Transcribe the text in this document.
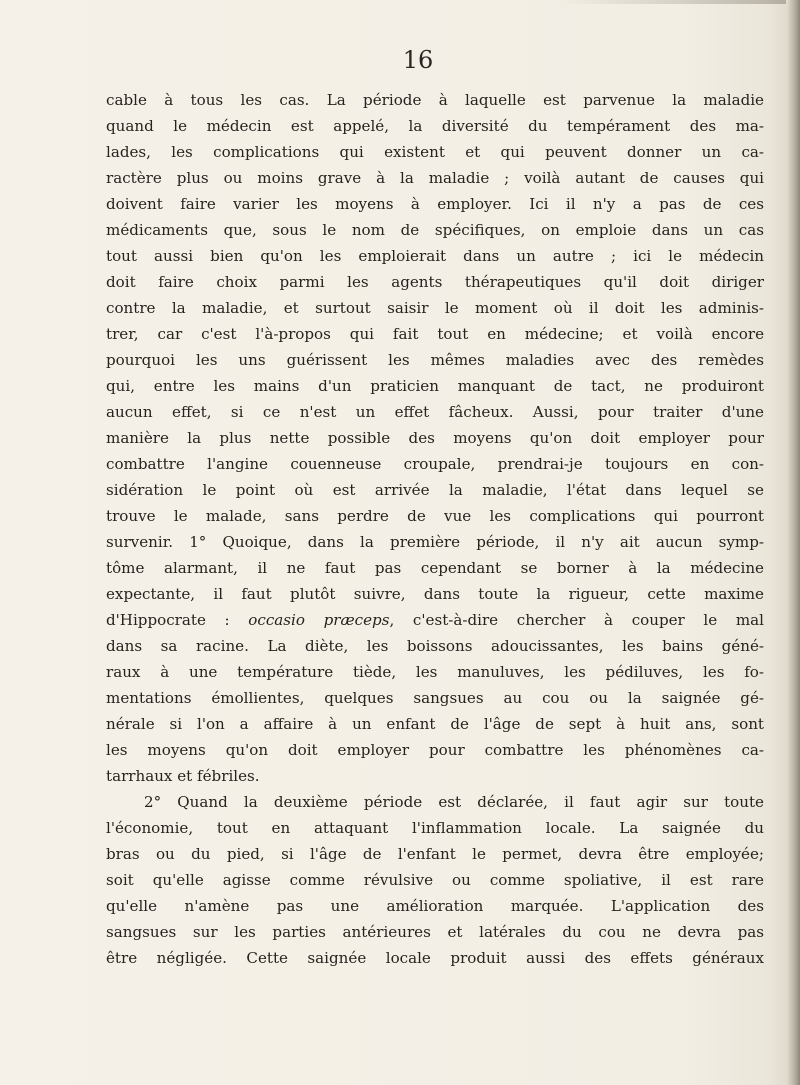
16
cable à tous les cas. La période à laquelle est parvenue la maladie
quand le médecin est appelé, la diversité du tempérament des ma-
lades, les complications qui existent et qui peuvent donner un ca-
ractère plus ou moins grave à la maladie ; voilà autant de causes qui
doivent faire varier les moyens à employer. Ici il n'y a pas de ces
médicaments que, sous le nom de spécifiques, on emploie dans un cas
tout aussi bien qu'on les emploierait dans un autre ; ici le médecin
doit faire choix parmi les agents thérapeutiques qu'il doit diriger
contre la maladie, et surtout saisir le moment où il doit les adminis-
trer, car c'est l'à-propos qui fait tout en médecine; et voilà encore
pourquoi les uns guérissent les mêmes maladies avec des remèdes
qui, entre les mains d'un praticien manquant de tact, ne produiront
aucun effet, si ce n'est un effet fâcheux. Aussi, pour traiter d'une
manière la plus nette possible des moyens qu'on doit employer pour
combattre l'angine couenneuse croupale, prendrai-je toujours en con-
sidération le point où est arrivée la maladie, l'état dans lequel se
trouve le malade, sans perdre de vue les complications qui pourront
survenir. 1° Quoique, dans la première période, il n'y ait aucun symp-
tôme alarmant, il ne faut pas cependant se borner à la médecine
expectante, il faut plutôt suivre, dans toute la rigueur, cette maxime
d'Hippocrate : occasio præceps, c'est-à-dire chercher à couper le mal
dans sa racine. La diète, les boissons adoucissantes, les bains géné-
raux à une température tiède, les manuluves, les pédiluves, les fo-
mentations émollientes, quelques sangsues au cou ou la saignée gé-
nérale si l'on a affaire à un enfant de l'âge de sept à huit ans, sont
les moyens qu'on doit employer pour combattre les phénomènes ca-
tarrhaux et fébriles.
2° Quand la deuxième période est déclarée, il faut agir sur toute
l'économie, tout en attaquant l'inflammation locale. La saignée du
bras ou du pied, si l'âge de l'enfant le permet, devra être employée;
soit qu'elle agisse comme révulsive ou comme spoliative, il est rare
qu'elle n'amène pas une amélioration marquée. L'application des
sangsues sur les parties antérieures et latérales du cou ne devra pas
être négligée. Cette saignée locale produit aussi des effets généraux
